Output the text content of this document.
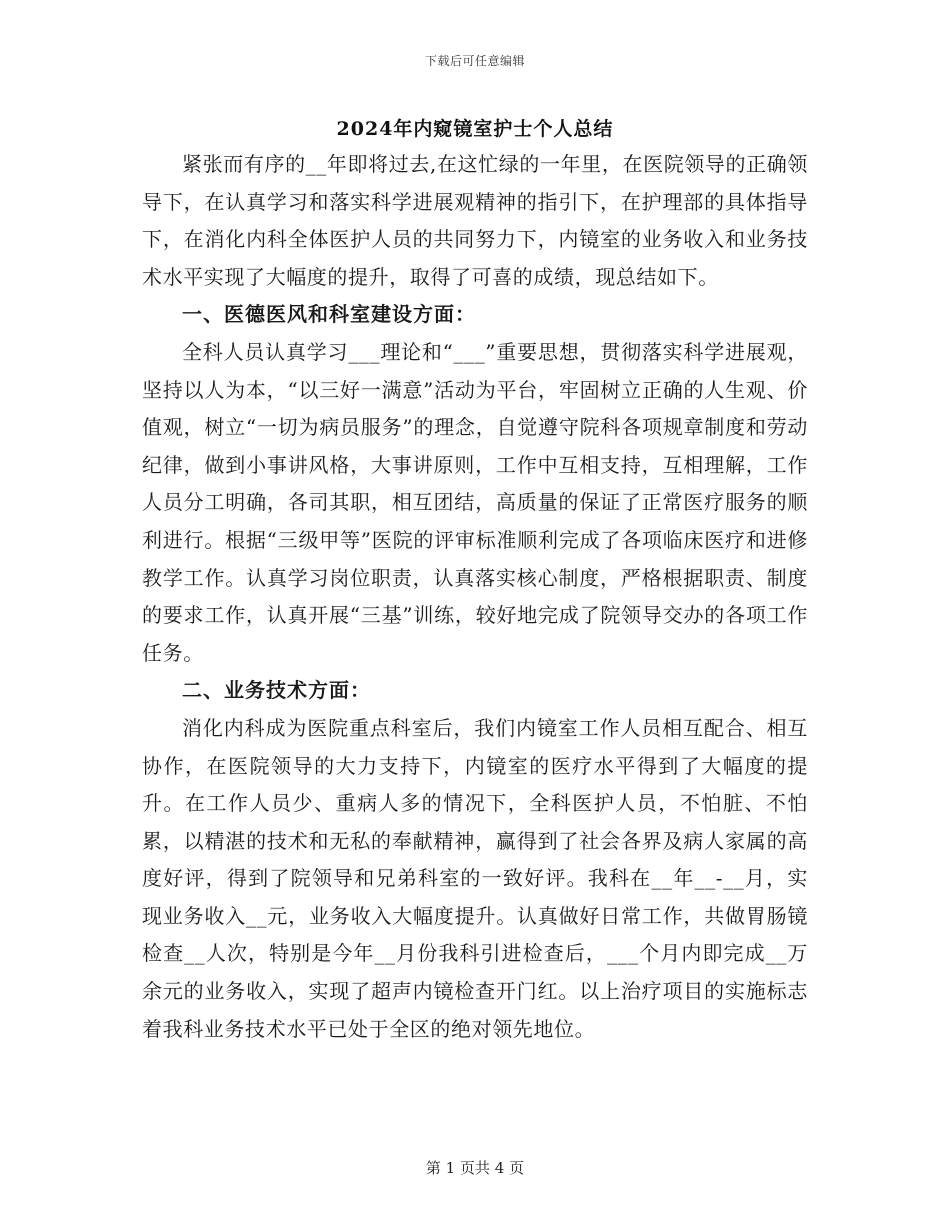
下载后可任意编辑
2024年内窥镜室护士个人总结

紧张而有序的__年即将过去,在这忙绿的一年里，在医院领导的正确领导下，在认真学习和落实科学进展观精神的指引下，在护理部的具体指导下，在消化内科全体医护人员的共同努力下，内镜室的业务收入和业务技术水平实现了大幅度的提升，取得了可喜的成绩，现总结如下。

一、医德医风和科室建设方面：

全科人员认真学习___理论和“___”重要思想，贯彻落实科学进展观，坚持以人为本，“以三好一满意”活动为平台，牢固树立正确的人生观、价值观，树立“一切为病员服务”的理念，自觉遵守院科各项规章制度和劳动纪律，做到小事讲风格，大事讲原则，工作中互相支持，互相理解，工作人员分工明确，各司其职，相互团结，高质量的保证了正常医疗服务的顺利进行。根据“三级甲等”医院的评审标准顺利完成了各项临床医疗和进修教学工作。认真学习岗位职责，认真落实核心制度，严格根据职责、制度的要求工作，认真开展“三基”训练，较好地完成了院领导交办的各项工作任务。

二、业务技术方面：

消化内科成为医院重点科室后，我们内镜室工作人员相互配合、相互协作，在医院领导的大力支持下，内镜室的医疗水平得到了大幅度的提升。在工作人员少、重病人多的情况下，全科医护人员，不怕脏、不怕累，以精湛的技术和无私的奉献精神，赢得到了社会各界及病人家属的高度好评，得到了院领导和兄弟科室的一致好评。我科在__年__-__月，实现业务收入__元，业务收入大幅度提升。认真做好日常工作，共做胃肠镜检查__人次，特别是今年__月份我科引进检查后，___个月内即完成__万余元的业务收入，实现了超声内镜检查开门红。以上治疗项目的实施标志着我科业务技术水平已处于全区的绝对领先地位。

第 1 页共 4 页
